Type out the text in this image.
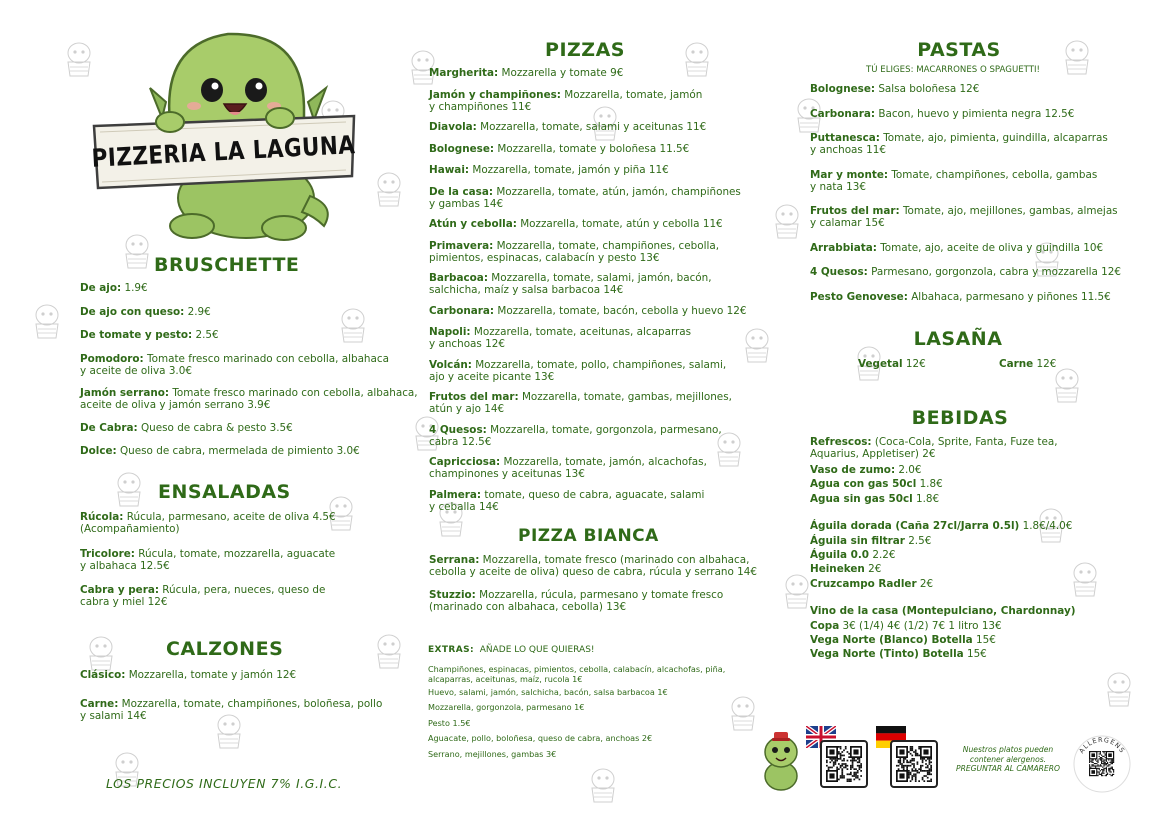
PIZZERIA LA LAGUNA
BRUSCHETTE
De ajo: 1.9€
De ajo con queso: 2.9€
De tomate y pesto: 2.5€
Pomodoro: Tomate fresco marinado con cebolla, albahaca
y aceite de oliva 3.0€
Jamón serrano: Tomate fresco marinado con cebolla, albahaca,
aceite de oliva y jamón serrano 3.9€
De Cabra: Queso de cabra & pesto 3.5€
Dolce: Queso de cabra, mermelada de pimiento 3.0€
ENSALADAS
Rúcola: Rúcula, parmesano, aceite de oliva 4.5€
(Acompañamiento)
Tricolore: Rúcula, tomate, mozzarella, aguacate
y albahaca 12.5€
Cabra y pera: Rúcula, pera, nueces, queso de
cabra y miel 12€
CALZONES
Clásico: Mozzarella, tomate y jamón 12€
Carne: Mozzarella, tomate, champiñones, boloñesa, pollo
y salami 14€
LOS PRECIOS INCLUYEN 7% I.G.I.C.
PIZZAS
Margherita: Mozzarella y tomate 9€
Jamón y champiñones: Mozzarella, tomate, jamón
y champiñones 11€
Diavola: Mozzarella, tomate, salami y aceitunas 11€
Bolognese: Mozzarella, tomate y boloñesa 11.5€
Hawai: Mozzarella, tomate, jamón y piña 11€
De la casa: Mozzarella, tomate, atún, jamón, champiñones
y gambas 14€
Atún y cebolla: Mozzarella, tomate, atún y cebolla 11€
Primavera: Mozzarella, tomate, champiñones, cebolla,
pimientos, espinacas, calabacín y pesto 13€
Barbacoa: Mozzarella, tomate, salami, jamón, bacón,
salchicha, maíz y salsa barbacoa 14€
Carbonara: Mozzarella, tomate, bacón, cebolla y huevo 12€
Napoli: Mozzarella, tomate, aceitunas, alcaparras
y anchoas 12€
Volcán: Mozzarella, tomate, pollo, champiñones, salami,
ajo y aceite picante 13€
Frutos del mar: Mozzarella, tomate, gambas, mejillones,
atún y ajo 14€
4 Quesos: Mozzarella, tomate, gorgonzola, parmesano,
cabra 12.5€
Capricciosa: Mozzarella, tomate, jamón, alcachofas,
champinones y aceitunas 13€
Palmera: tomate, queso de cabra, aguacate, salami
y ceballa 14€
PIZZA BIANCA
Serrana: Mozzarella, tomate fresco (marinado con albahaca,
cebolla y aceite de oliva) queso de cabra, rúcula y serrano 14€
Stuzzio: Mozzarella, rúcula, parmesano y tomate fresco
(marinado con albahaca, cebolla) 13€
EXTRAS: AÑADE LO QUE QUIERAS!
Champiñones, espinacas, pimientos, cebolla, calabacín, alcachofas, piña,
alcaparras, aceitunas, maíz, rucola 1€
Huevo, salami, jamón, salchicha, bacón, salsa barbacoa 1€
Mozzarella, gorgonzola, parmesano 1€
Pesto 1.5€
Aguacate, pollo, boloñesa, queso de cabra, anchoas 2€
Serrano, mejillones, gambas 3€
PASTAS
TÚ ELIGES: MACARRONES O SPAGUETTI!
Bolognese: Salsa boloñesa 12€
Carbonara: Bacon, huevo y pimienta negra 12.5€
Puttanesca: Tomate, ajo, pimienta, guindilla, alcaparras
y anchoas 11€
Mar y monte: Tomate, champiñones, cebolla, gambas
y nata 13€
Frutos del mar: Tomate, ajo, mejillones, gambas, almejas
y calamar 15€
Arrabbiata: Tomate, ajo, aceite de oliva y guindilla 10€
4 Quesos: Parmesano, gorgonzola, cabra y mozzarella 12€
Pesto Genovese: Albahaca, parmesano y piñones 11.5€
LASAÑA
Vegetal 12€	Carne 12€
BEBIDAS
Refrescos: (Coca-Cola, Sprite, Fanta, Fuze tea,
Aquarius, Appletiser) 2€
Vaso de zumo: 2.0€
Agua con gas 50cl 1.8€
Agua sin gas 50cl 1.8€
Águila dorada (Caña 27cl/Jarra 0.5l) 1.8€/4.0€
Águila sin filtrar 2.5€
Águila 0.0 2.2€
Heineken 2€
Cruzcampo Radler 2€
Vino de la casa (Montepulciano, Chardonnay)
Copa 3€ (1/4) 4€ (1/2) 7€ 1 litro 13€
Vega Norte (Blanco) Botella 15€
Vega Norte (Tinto) Botella 15€
Nuestros platos pueden
contener alergenos.
PREGUNTAR AL CAMARERO
ALLERGENS
